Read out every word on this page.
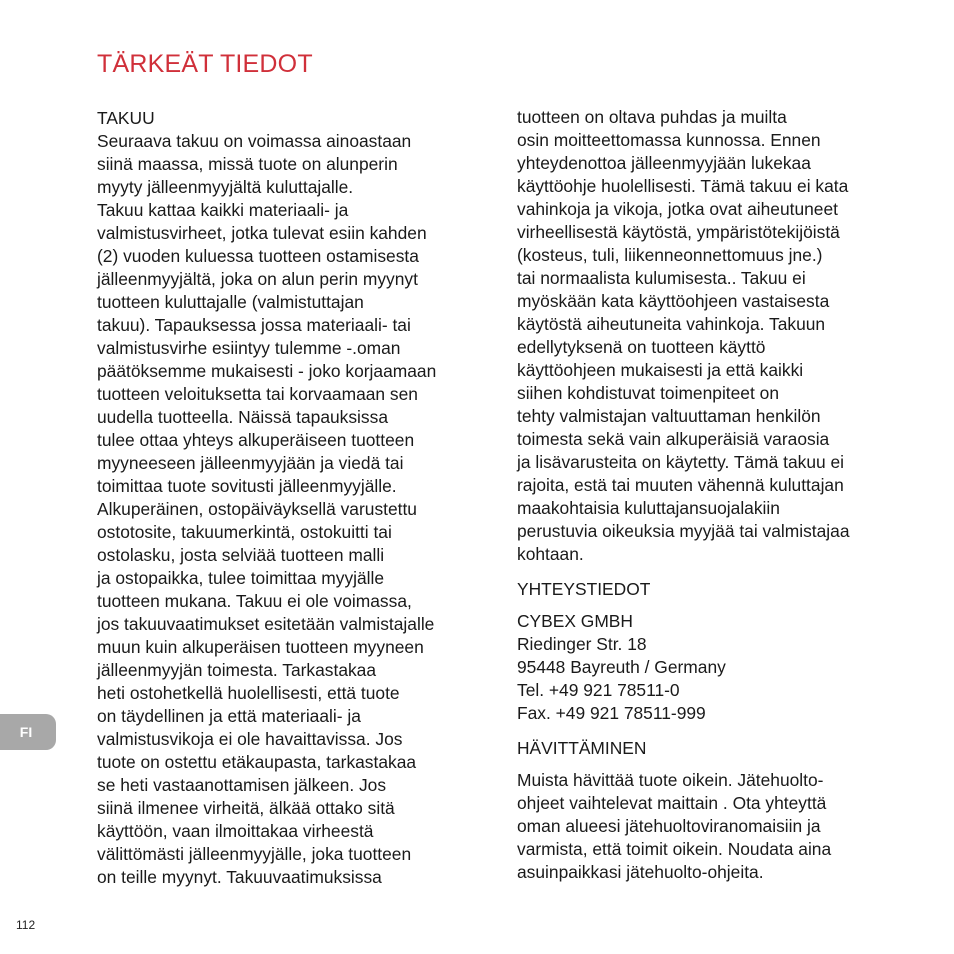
TÄRKEÄT TIEDOT
TAKUU
Seuraava takuu on voimassa ainoastaan
siinä maassa, missä tuote on alunperin
myyty jälleenmyyjältä kuluttajalle.
Takuu kattaa kaikki materiaali- ja
valmistusvirheet, jotka tulevat esiin kahden
(2) vuoden kuluessa tuotteen ostamisesta
jälleenmyyjältä, joka on alun perin myynyt
tuotteen kuluttajalle (valmistuttajan
takuu). Tapauksessa jossa materiaali- tai
valmistusvirhe esiintyy tulemme -.oman
päätöksemme mukaisesti - joko korjaamaan
tuotteen veloituksetta tai korvaamaan sen
uudella tuotteella. Näissä tapauksissa
tulee ottaa yhteys alkuperäiseen tuotteen
myyneeseen jälleenmyyjään ja viedä tai
toimittaa tuote sovitusti jälleenmyyjälle.
Alkuperäinen, ostopäiväyksellä varustettu
ostotosite, takuumerkintä, ostokuitti tai
ostolasku, josta selviää tuotteen malli
ja ostopaikka, tulee toimittaa myyjälle
tuotteen mukana. Takuu ei ole voimassa,
jos takuuvaatimukset esitetään valmistajalle
muun kuin alkuperäisen tuotteen myyneen
jälleenmyyjän toimesta. Tarkastakaa
heti ostohetkellä huolellisesti, että tuote
on täydellinen ja että materiaali- ja
valmistusvikoja ei ole havaittavissa. Jos
tuote on ostettu etäkaupasta, tarkastakaa
se heti vastaanottamisen jälkeen. Jos
siinä ilmenee virheitä, älkää ottako sitä
käyttöön, vaan ilmoittakaa virheestä
välittömästi jälleenmyyjälle, joka tuotteen
on teille myynyt. Takuuvaatimuksissa
tuotteen on oltava puhdas ja muilta
osin moitteettomassa kunnossa. Ennen
yhteydenottoa jälleenmyyjään lukekaa
käyttöohje huolellisesti. Tämä takuu ei kata
vahinkoja ja vikoja, jotka ovat aiheutuneet
virheellisestä käytöstä, ympäristötekijöistä
(kosteus, tuli, liikenneonnettomuus jne.)
tai normaalista kulumisesta.. Takuu ei
myöskään kata käyttöohjeen vastaisesta
käytöstä aiheutuneita vahinkoja. Takuun
edellytyksenä on tuotteen käyttö
käyttöohjeen mukaisesti ja että kaikki
siihen kohdistuvat toimenpiteet on
tehty valmistajan valtuuttaman henkilön
toimesta sekä vain alkuperäisiä varaosia
ja lisävarusteita on käytetty. Tämä takuu ei
rajoita, estä tai muuten vähennä kuluttajan
maakohtaisia kuluttajansuojalakiin
perustuvia oikeuksia myyjää tai valmistajaa
kohtaan.
YHTEYSTIEDOT
CYBEX GMBH
Riedinger Str. 18
95448 Bayreuth / Germany
Tel. +49 921 78511-0
Fax. +49 921 78511-999
HÄVITTÄMINEN
Muista hävittää tuote oikein. Jätehuolto-
ohjeet vaihtelevat maittain . Ota yhteyttä
oman alueesi jätehuoltoviranomaisiin ja
varmista, että toimit oikein. Noudata aina
asuinpaikkasi jätehuolto-ohjeita.
FI
112
